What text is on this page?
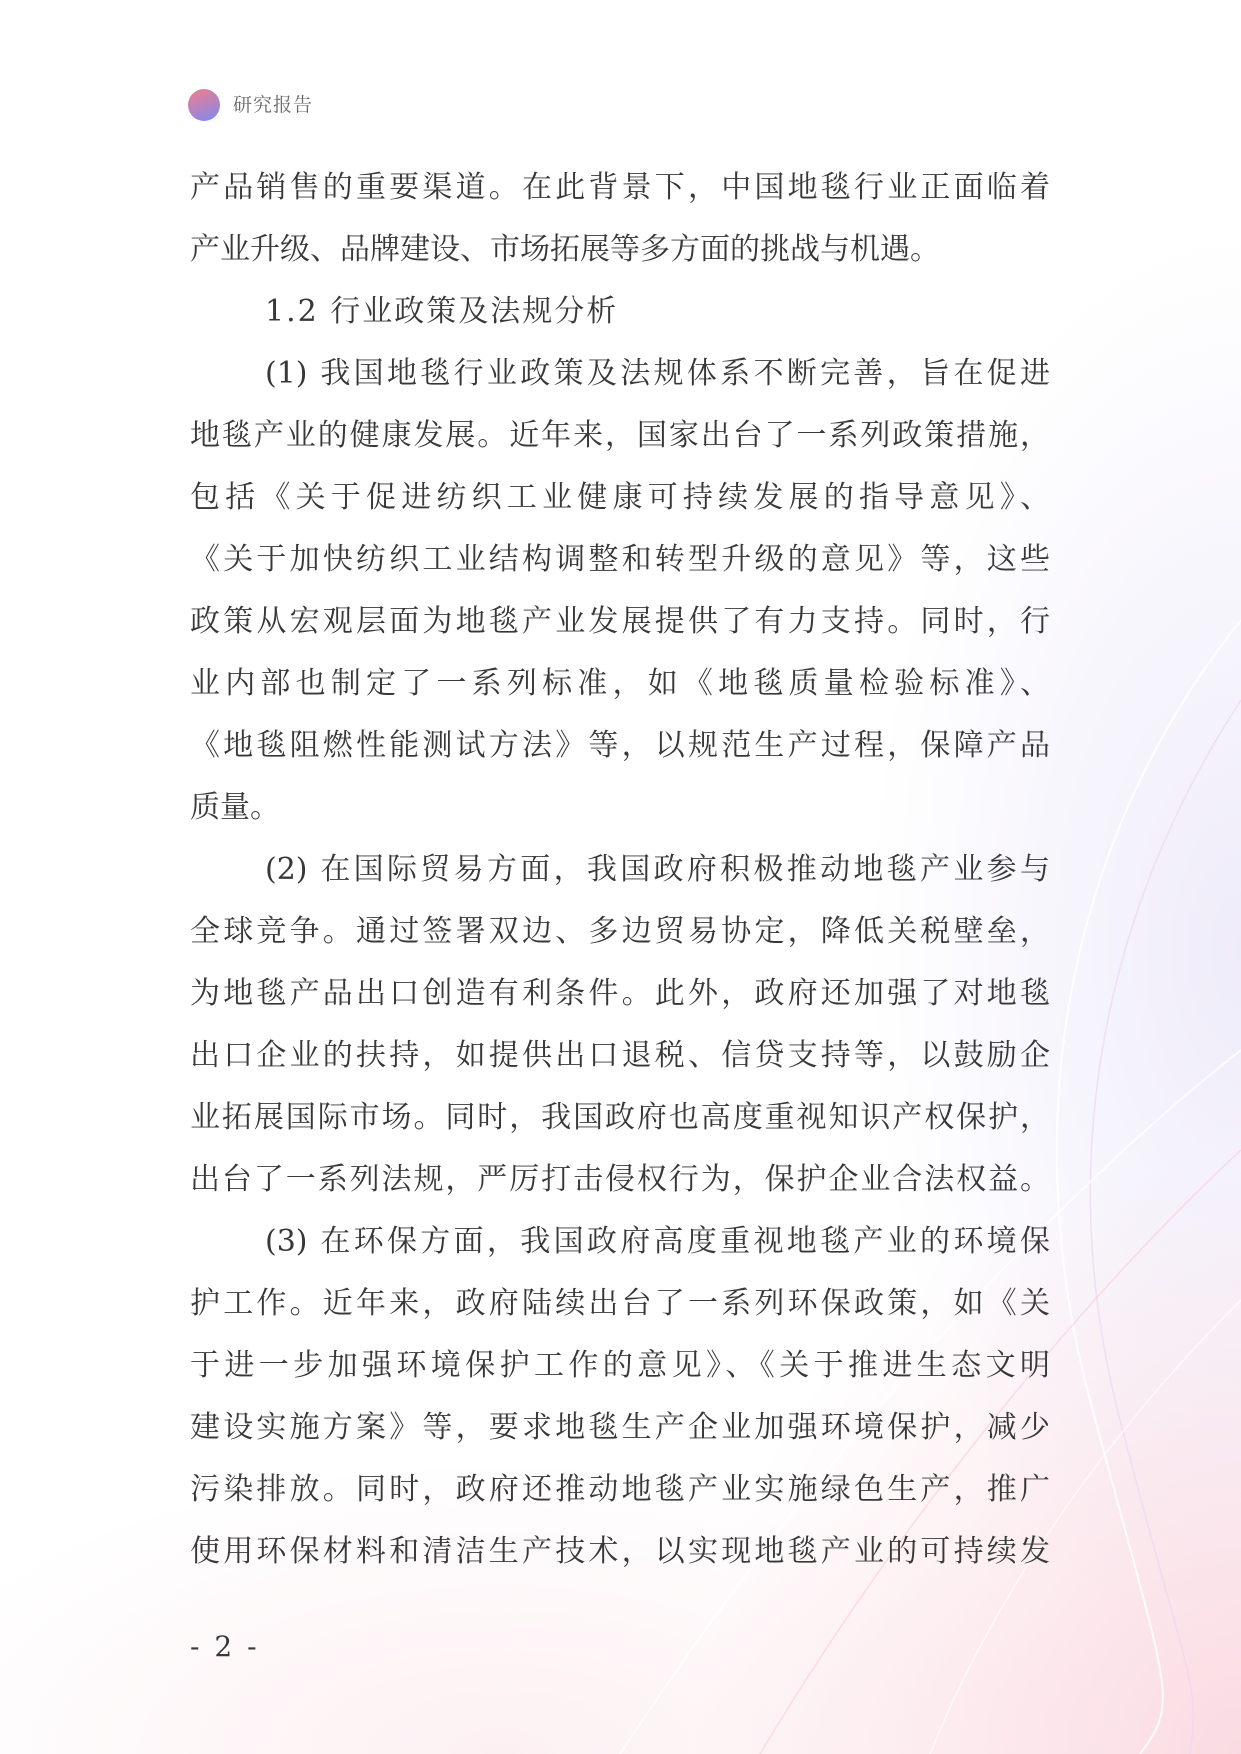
研究报告
产品销售的重要渠道。在此背景下，中国地毯行业正面临着
产业升级、品牌建设、市场拓展等多方面的挑战与机遇。
1.2 行业政策及法规分析
(1) 我国地毯行业政策及法规体系不断完善，旨在促进
地毯产业的健康发展。近年来，国家出台了一系列政策措施，
包括《关于促进纺织工业健康可持续发展的指导意见》、
《关于加快纺织工业结构调整和转型升级的意见》等，这些
政策从宏观层面为地毯产业发展提供了有力支持。同时，行
业内部也制定了一系列标准，如《地毯质量检验标准》、
《地毯阻燃性能测试方法》等，以规范生产过程，保障产品
质量。
(2) 在国际贸易方面，我国政府积极推动地毯产业参与
全球竞争。通过签署双边、多边贸易协定，降低关税壁垒，
为地毯产品出口创造有利条件。此外，政府还加强了对地毯
出口企业的扶持，如提供出口退税、信贷支持等，以鼓励企
业拓展国际市场。同时，我国政府也高度重视知识产权保护，
出台了一系列法规，严厉打击侵权行为，保护企业合法权益。
(3) 在环保方面，我国政府高度重视地毯产业的环境保
护工作。近年来，政府陆续出台了一系列环保政策，如《关
于进一步加强环境保护工作的意见》、《关于推进生态文明
建设实施方案》等，要求地毯生产企业加强环境保护，减少
污染排放。同时，政府还推动地毯产业实施绿色生产，推广
使用环保材料和清洁生产技术，以实现地毯产业的可持续发
- 2 -
